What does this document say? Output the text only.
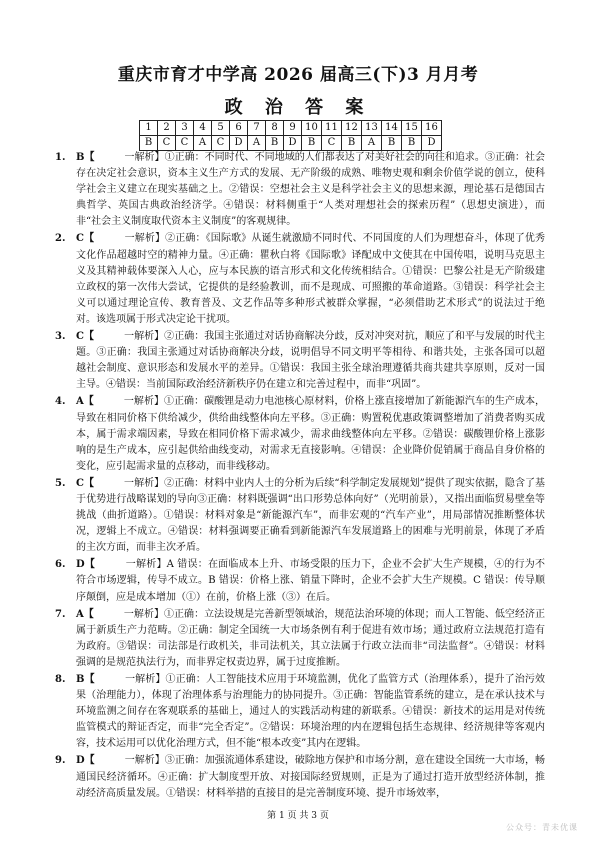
重庆市育才中学高 2026 届高三(下)3 月月考
政 治 答 案
1	2	3	4	5	6	7	8	9	10	11	12	13	14	15	16
B	C	C	A	C	D	A	B	D	B	C	B	A	B	B	D

1. B【　　　一解析】①正确：不同时代、不同地域的人们都表达了对美好社会的向往和追求。③正确：社会存在决定社会意识，资本主义生产方式的发展、无产阶级的成熟、唯物史观和剩余价值学说的创立，使科学社会主义建立在现实基础之上。②错误：空想社会主义是科学社会主义的思想来源，理论基石是德国古典哲学、英国古典政治经济学。④错误：材料侧重于“人类对理想社会的探索历程”（思想史演进），而非“社会主义制度取代资本主义制度”的客观规律。

2. C【　　　一解析】②正确：《国际歌》从诞生就激励不同时代、不同国度的人们为理想奋斗，体现了优秀文化作品超越时空的精神力量。④正确：瞿秋白将《国际歌》译配成中文使其在中国传唱，说明马克思主义及其精神载体要深入人心，应与本民族的语言形式和文化传统相结合。①错误：巴黎公社是无产阶级建立政权的第一次伟大尝试，它提供的是经验教训，而不是现成、可照搬的革命道路。③错误：科学社会主义可以通过理论宣传、教育普及、文艺作品等多种形式被群众掌握，“必须借助艺术形式”的说法过于绝对。该选项属于形式决定论干扰项。

3. C【　　　一解析】②正确：我国主张通过对话协商解决分歧，反对冲突对抗，顺应了和平与发展的时代主题。③正确：我国主张通过对话协商解决分歧，说明倡导不同文明平等相待、和谐共处，主张各国可以超越社会制度、意识形态和发展水平的差异。①错误：我国主张全球治理遵循共商共建共享原则，反对一国主导。④错误：当前国际政治经济新秩序仍在建立和完善过程中，而非“巩固”。

4. A【　　　一解析】①正确：碳酸锂是动力电池核心原材料，价格上涨直接增加了新能源汽车的生产成本，导致在相同价格下供给减少，供给曲线整体向左平移。③正确：购置税优惠政策调整增加了消费者购买成本，属于需求端因素，导致在相同价格下需求减少，需求曲线整体向左平移。②错误：碳酸锂价格上涨影响的是生产成本，应引起供给曲线变动，对需求无直接影响。④错误：企业降价促销属于商品自身价格的变化，应引起需求量的点移动，而非线移动。

5. C【　　　一解析】②正确：材料中业内人士的分析为后续“科学制定发展规划”提供了现实依据，隐含了基于优势进行战略谋划的导向③正确：材料既强调“出口形势总体向好”（光明前景），又指出面临贸易壁垒等挑战（曲折道路）。①错误：材料对象是“新能源汽车”，而非宏观的“汽车产业”，用局部情况推断整体状况，逻辑上不成立。④错误：材料强调要正确看到新能源汽车发展道路上的困难与光明前景，体现了矛盾的主次方面，而非主次矛盾。

6. D【　　　一解析】A 错误：在面临成本上升、市场受限的压力下，企业不会扩大生产规模，④的行为不符合市场逻辑，传导不成立。B 错误：价格上涨、销量下降时，企业不会扩大生产规模。C 错误：传导顺序颠倒，应是成本增加（①）在前，价格上涨（③）在后。

7. A【　　　一解析】①正确：立法设规是完善新型领域治，规范法治环境的体现；而人工智能、低空经济正属于新质生产力范畴。②正确：制定全国统一大市场条例有利于促进有效市场；通过政府立法规范打造有为政府。③错误：司法部是行政机关，非司法机关，其立法属于行政立法而非“司法监督”。④错误：材料强调的是规范执法行为，而非界定权责边界，属于过度推断。

8. B【　　　一解析】①正确：人工智能技术应用于环境监测，优化了监管方式（治理体系），提升了治污效果（治理能力），体现了治理体系与治理能力的协同提升。③正确：智能监管系统的建立，是在承认技术与环境监测之间存在客观联系的基础上，通过人的实践活动构建的新联系。④错误：新技术的运用是对传统监管模式的辩证否定，而非“完全否定”。②错误：环境治理的内在逻辑包括生态规律、经济规律等客观内容，技术运用可以优化治理方式，但不能“根本改变”其内在逻辑。

9. D【　　　一解析】③正确：加强流通体系建设，破除地方保护和市场分割，意在建设全国统一大市场，畅通国民经济循环。④正确：扩大制度型开放、对接国际经贸规则，正是为了通过打造开放型经济体制，推动经济高质量发展。①错误：材料举措的直接目的是完善制度环境、提升市场效率，

第 1 页 共 3 页
公众号：青未优课
